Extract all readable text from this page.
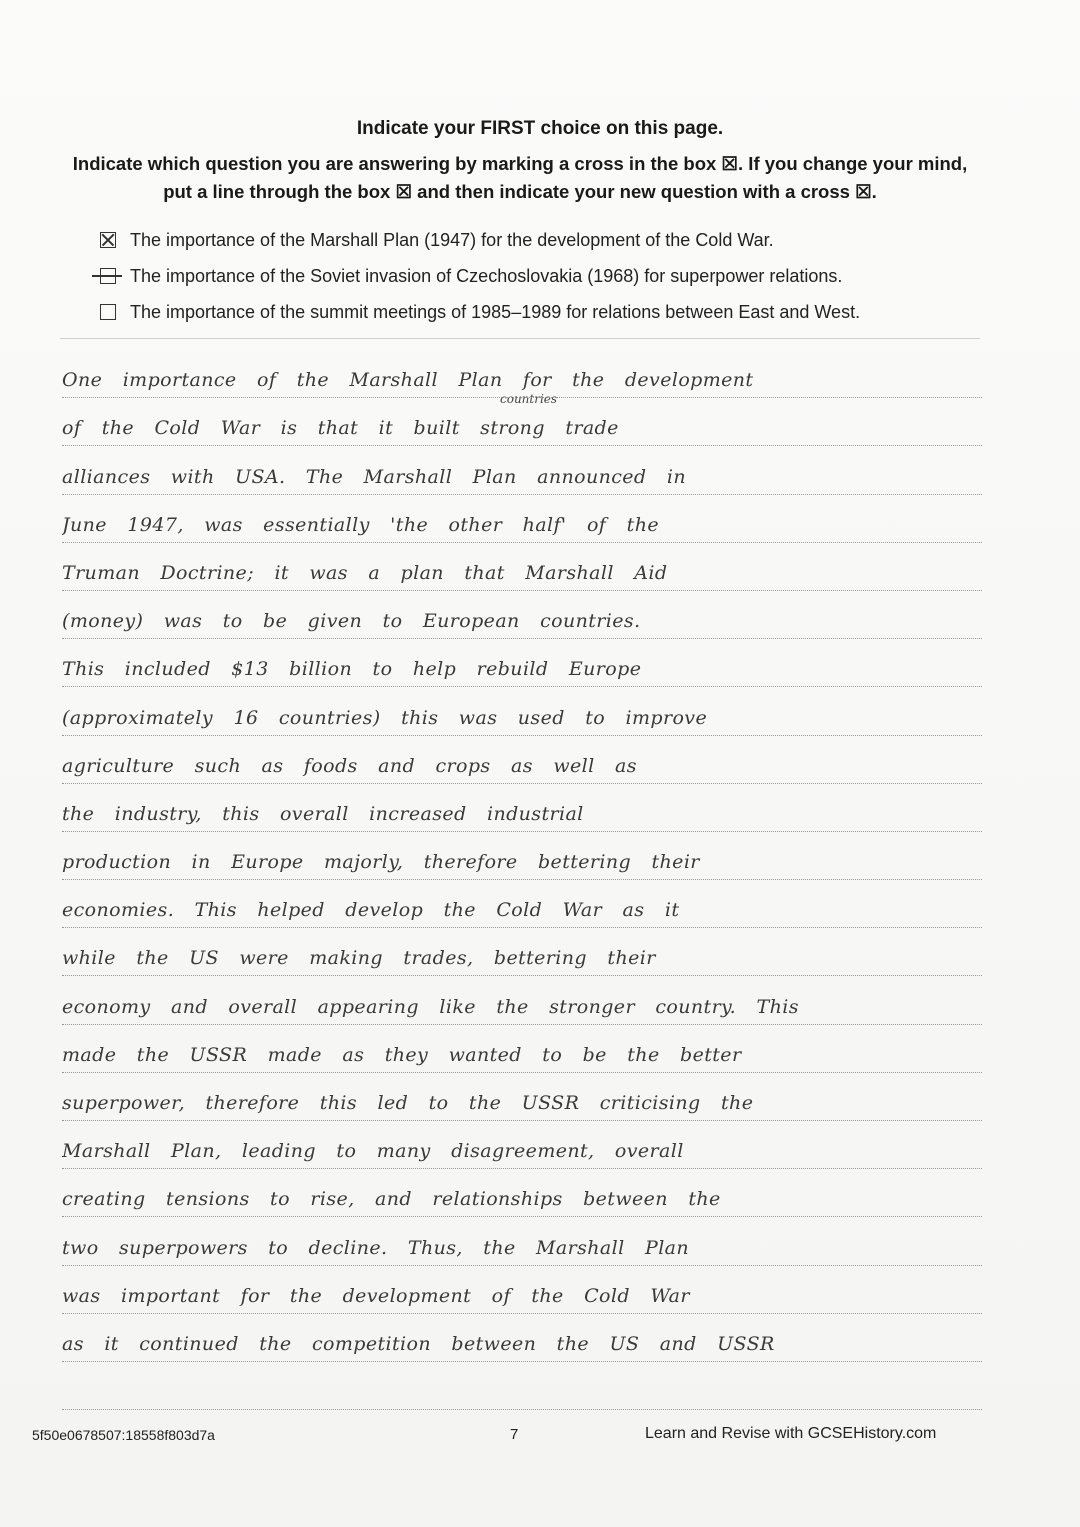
Indicate your FIRST choice on this page.
Indicate which question you are answering by marking a cross in the box ☒. If you change your mind, put a line through the box ☒ and then indicate your new question with a cross ☒.
The importance of the Marshall Plan (1947) for the development of the Cold War.
The importance of the Soviet invasion of Czechoslovakia (1968) for superpower relations.
The importance of the summit meetings of 1985–1989 for relations between East and West.
countries
One importance of the Marshall Plan for the development
of the Cold War is that it built strong trade
alliances with USA. The Marshall Plan announced in
June 1947, was essentially 'the other half' of the
Truman Doctrine; it was a plan that Marshall Aid
(money) was to be given to European countries.
This included $13 billion to help rebuild Europe
(approximately 16 countries) this was used to improve
agriculture such as foods and crops as well as
the industry, this overall increased industrial
production in Europe majorly, therefore bettering their
economies. This helped develop the Cold War as it
while the US were making trades, bettering their
economy and overall appearing like the stronger country. This
made the USSR made as they wanted to be the better
superpower, therefore this led to the USSR criticising the
Marshall Plan, leading to many disagreement, overall
creating tensions to rise, and relationships between the
two superpowers to decline. Thus, the Marshall Plan
was important for the development of the Cold War
as it continued the competition between the US and USSR
5f50e0678507:18558f803d7a	7	Learn and Revise with GCSEHistory.com
